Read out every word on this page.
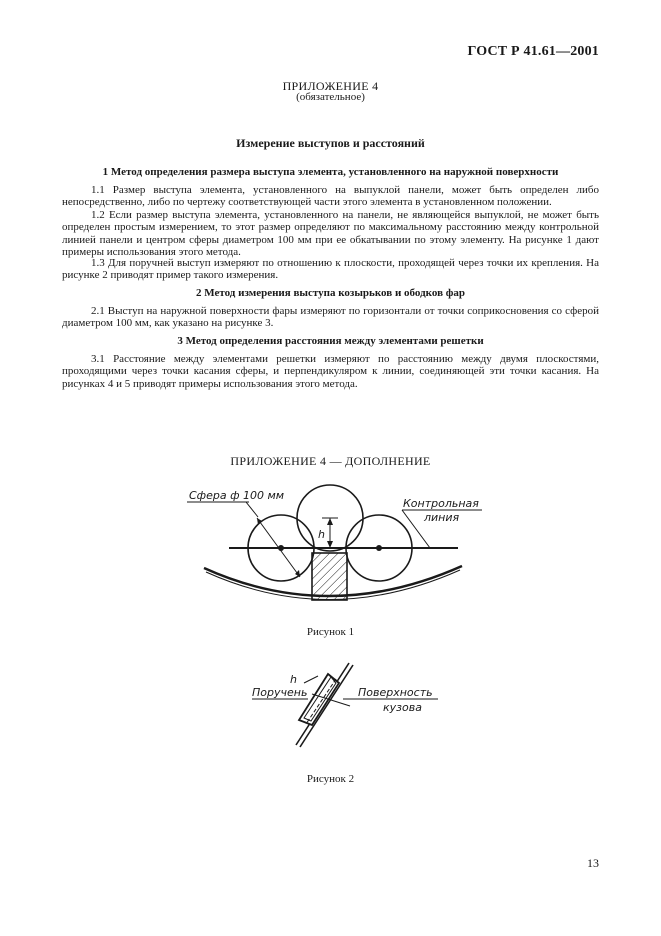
ГОСТ Р 41.61—2001
ПРИЛОЖЕНИЕ 4
(обязательное)
Измерение выступов и расстояний
1 Метод определения размера выступа элемента, установленного на наружной поверхности
1.1 Размер выступа элемента, установленного на выпуклой панели, может быть определен либо непосредственно, либо по чертежу соответствующей части этого элемента в установленном положении.
1.2 Если размер выступа элемента, установленного на панели, не являющейся выпуклой, не может быть определен простым измерением, то этот размер определяют по максимальному расстоянию между контрольной линией панели и центром сферы диаметром 100 мм при ее обкатывании по этому элементу. На рисунке 1 дают примеры использования этого метода.
1.3 Для поручней выступ измеряют по отношению к плоскости, проходящей через точки их крепления. На рисунке 2 приводят пример такого измерения.
2 Метод измерения выступа козырьков и ободков фар
2.1 Выступ на наружной поверхности фары измеряют по горизонтали от точки соприкосновения со сферой диаметром 100 мм, как указано на рисунке 3.
3 Метод определения расстояния между элементами решетки
3.1 Расстояние между элементами решетки измеряют по расстоянию между двумя плоскостями, проходящими через точки касания сферы, и перпендикуляром к линии, соединяющей эти точки касания. На рисунках 4 и 5 приводят примеры использования этого метода.
ПРИЛОЖЕНИЕ 4 — ДОПОЛНЕНИЕ
Сфера ф 100 мм
h
Контрольная
линия
Рисунок 1
h
Поручень	Поверхность
кузова
Рисунок 2
13
